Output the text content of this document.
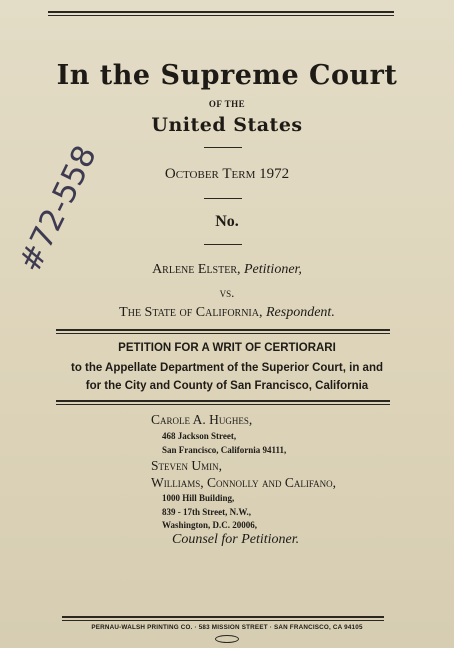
#72-558
In the Supreme Court
OF THE
United States
October Term 1972
No.
Arlene Elster, Petitioner,
vs.
The State of California, Respondent.
PETITION FOR A WRIT OF CERTIORARI
to the Appellate Department of the Superior Court, in and
for the City and County of San Francisco, California
Carole A. Hughes,
468 Jackson Street,
San Francisco, California 94111,
Steven Umin,
Williams, Connolly and Califano,
1000 Hill Building,
839 - 17th Street, N.W.,
Washington, D.C. 20006,
Counsel for Petitioner.
PERNAU-WALSH PRINTING CO. · 583 MISSION STREET · SAN FRANCISCO, CA 94105
